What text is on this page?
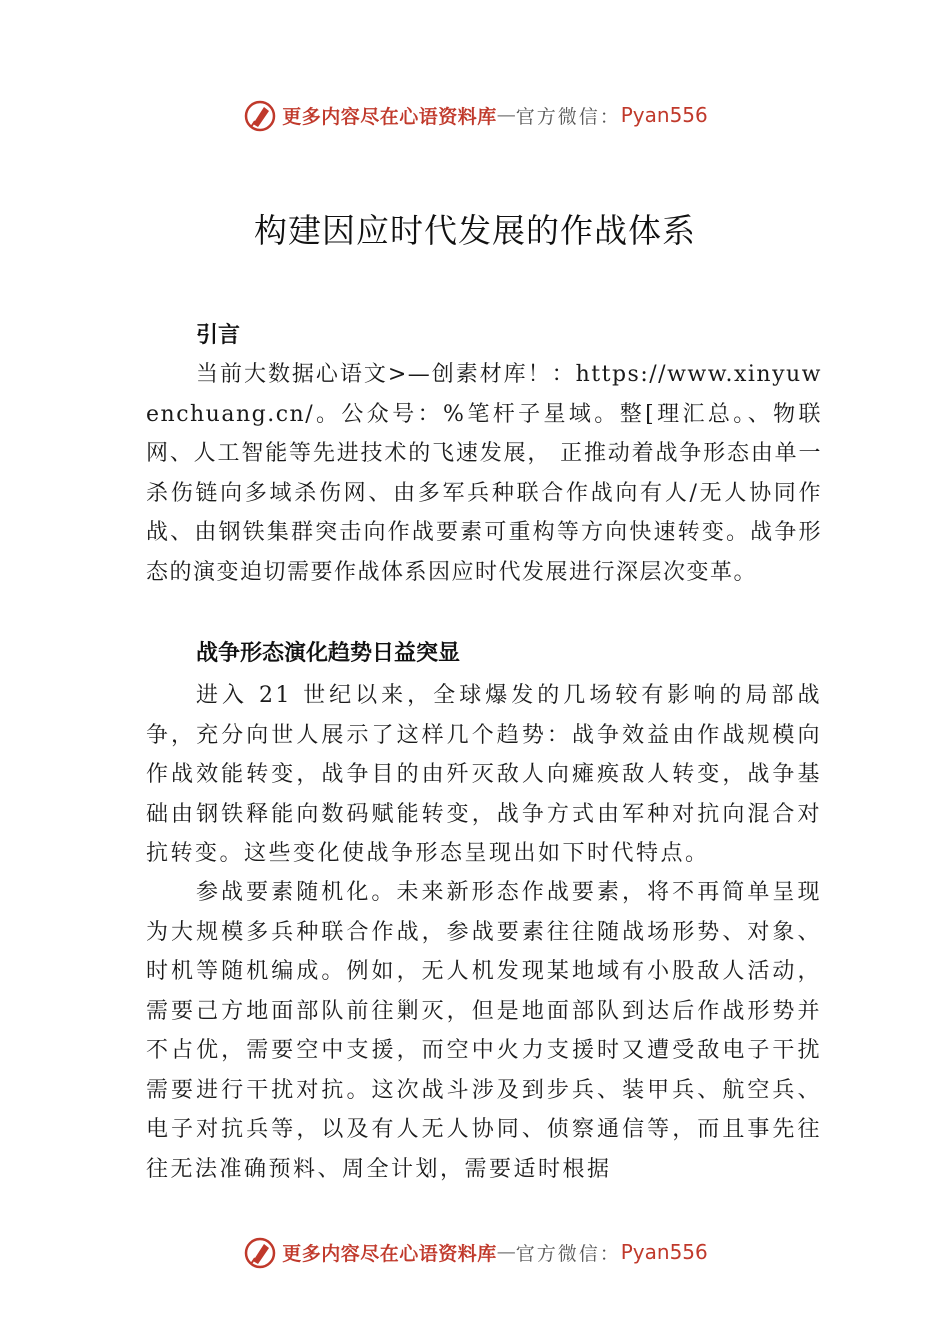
更多内容尽在心语资料库 — 官方微信： Pyan556
构建因应时代发展的作战体系
引言

当前大数据心语文>—创素材库！：https://www.xinyuwenchuang.cn/。公众号：%笔杆子星域。整[理汇总。、物联网、人工智能等先进技术的飞速发展， 正推动着战争形态由单一杀伤链向多域杀伤网、由多军兵种联合作战向有人/无人协同作战、由钢铁集群突击向作战要素可重构等方向快速转变。战争形态的演变迫切需要作战体系因应时代发展进行深层次变革。

战争形态演化趋势日益突显

进入 21 世纪以来，全球爆发的几场较有影响的局部战争，充分向世人展示了这样几个趋势：战争效益由作战规模向作战效能转变，战争目的由歼灭敌人向瘫痪敌人转变，战争基础由钢铁释能向数码赋能转变，战争方式由军种对抗向混合对抗转变。这些变化使战争形态呈现出如下时代特点。

参战要素随机化。未来新形态作战要素，将不再简单呈现为大规模多兵种联合作战，参战要素往往随战场形势、对象、时机等随机编成。例如，无人机发现某地域有小股敌人活动，需要己方地面部队前往剿灭，但是地面部队到达后作战形势并不占优，需要空中支援，而空中火力支援时又遭受敌电子干扰需要进行干扰对抗。这次战斗涉及到步兵、装甲兵、航空兵、电子对抗兵等，以及有人无人协同、侦察通信等，而且事先往往无法准确预料、周全计划，需要适时根据

更多内容尽在心语资料库 — 官方微信： Pyan556
